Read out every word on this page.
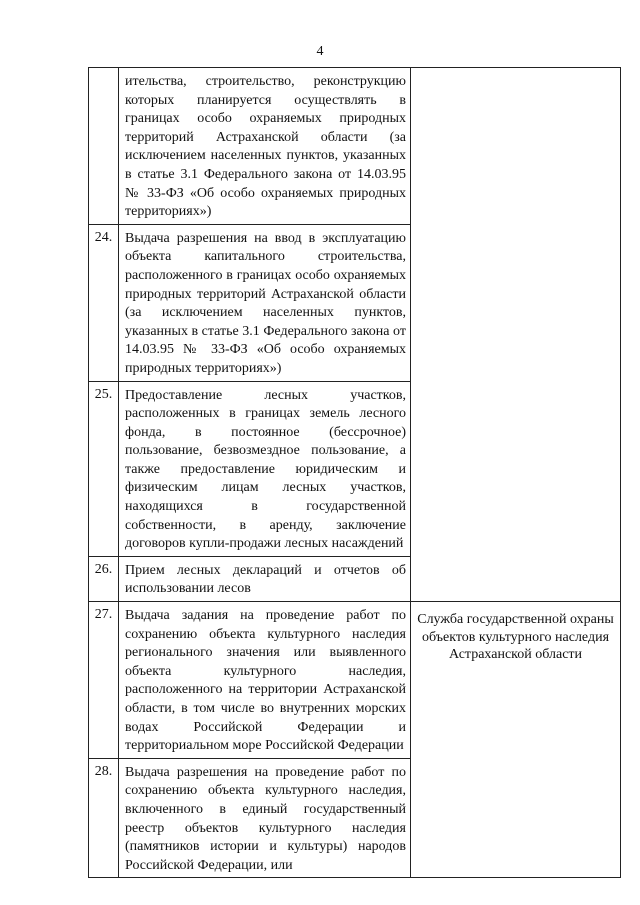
4

	ительства, строительство, реконструкцию которых планируется осуществлять в границах особо охраняемых природных территорий Астраханской области (за исключением населенных пунктов, указанных в статье 3.1 Федерального закона от 14.03.95 № 33-ФЗ «Об особо охраняемых природных территориях»)	

24.	Выдача разрешения на ввод в эксплуатацию объекта капитального строительства, расположенного в границах особо охраняемых природных территорий Астраханской области (за исключением населенных пунктов, указанных в статье 3.1 Федерального закона от 14.03.95 № 33-ФЗ «Об особо охраняемых природных территориях»)	

25.	Предоставление лесных участков, расположенных в границах земель лесного фонда, в постоянное (бессрочное) пользование, безвозмездное пользование, а также предоставление юридическим и физическим лицам лесных участков, находящихся в государственной собственности, в аренду, заключение договоров купли-продажи лесных насаждений	

26.	Прием лесных деклараций и отчетов об использовании лесов	

27.	Выдача задания на проведение работ по сохранению объекта культурного наследия регионального значения или выявленного объекта культурного наследия, расположенного на территории Астраханской области, в том числе во внутренних морских водах Российской Федерации и территориальном море Российской Федерации	Служба государственной охраны объектов культурного наследия Астраханской области

28.	Выдача разрешения на проведение работ по сохранению объекта культурного наследия, включенного в единый государственный реестр объектов культурного наследия (памятников истории и культуры) народов Российской Федерации, или	
